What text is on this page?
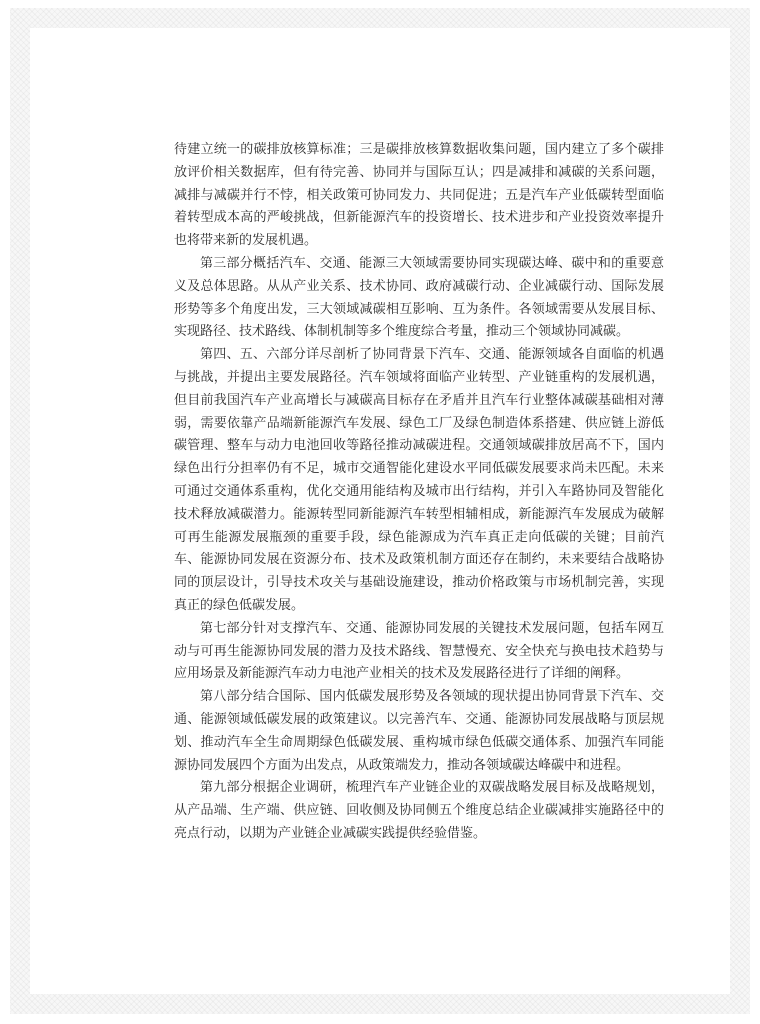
待建立统一的碳排放核算标准；三是碳排放核算数据收集问题，国内建立了多个碳排放评价相关数据库，但有待完善、协同并与国际互认；四是减排和减碳的关系问题，减排与减碳并行不悖，相关政策可协同发力、共同促进；五是汽车产业低碳转型面临着转型成本高的严峻挑战，但新能源汽车的投资增长、技术进步和产业投资效率提升也将带来新的发展机遇。

第三部分概括汽车、交通、能源三大领域需要协同实现碳达峰、碳中和的重要意义及总体思路。从从产业关系、技术协同、政府减碳行动、企业减碳行动、国际发展形势等多个角度出发，三大领域减碳相互影响、互为条件。各领域需要从发展目标、实现路径、技术路线、体制机制等多个维度综合考量，推动三个领域协同减碳。

第四、五、六部分详尽剖析了协同背景下汽车、交通、能源领域各自面临的机遇与挑战，并提出主要发展路径。汽车领域将面临产业转型、产业链重构的发展机遇，但目前我国汽车产业高增长与减碳高目标存在矛盾并且汽车行业整体减碳基础相对薄弱，需要依靠产品端新能源汽车发展、绿色工厂及绿色制造体系搭建、供应链上游低碳管理、整车与动力电池回收等路径推动减碳进程。交通领域碳排放居高不下，国内绿色出行分担率仍有不足，城市交通智能化建设水平同低碳发展要求尚未匹配。未来可通过交通体系重构，优化交通用能结构及城市出行结构，并引入车路协同及智能化技术释放减碳潜力。能源转型同新能源汽车转型相辅相成，新能源汽车发展成为破解可再生能源发展瓶颈的重要手段，绿色能源成为汽车真正走向低碳的关键；目前汽车、能源协同发展在资源分布、技术及政策机制方面还存在制约，未来要结合战略协同的顶层设计，引导技术攻关与基础设施建设，推动价格政策与市场机制完善，实现真正的绿色低碳发展。

第七部分针对支撑汽车、交通、能源协同发展的关键技术发展问题，包括车网互动与可再生能源协同发展的潜力及技术路线、智慧慢充、安全快充与换电技术趋势与应用场景及新能源汽车动力电池产业相关的技术及发展路径进行了详细的阐释。

第八部分结合国际、国内低碳发展形势及各领域的现状提出协同背景下汽车、交通、能源领域低碳发展的政策建议。以完善汽车、交通、能源协同发展战略与顶层规划、推动汽车全生命周期绿色低碳发展、重构城市绿色低碳交通体系、加强汽车同能源协同发展四个方面为出发点，从政策端发力，推动各领域碳达峰碳中和进程。

第九部分根据企业调研，梳理汽车产业链企业的双碳战略发展目标及战略规划，从产品端、生产端、供应链、回收侧及协同侧五个维度总结企业碳减排实施路径中的亮点行动，以期为产业链企业减碳实践提供经验借鉴。
